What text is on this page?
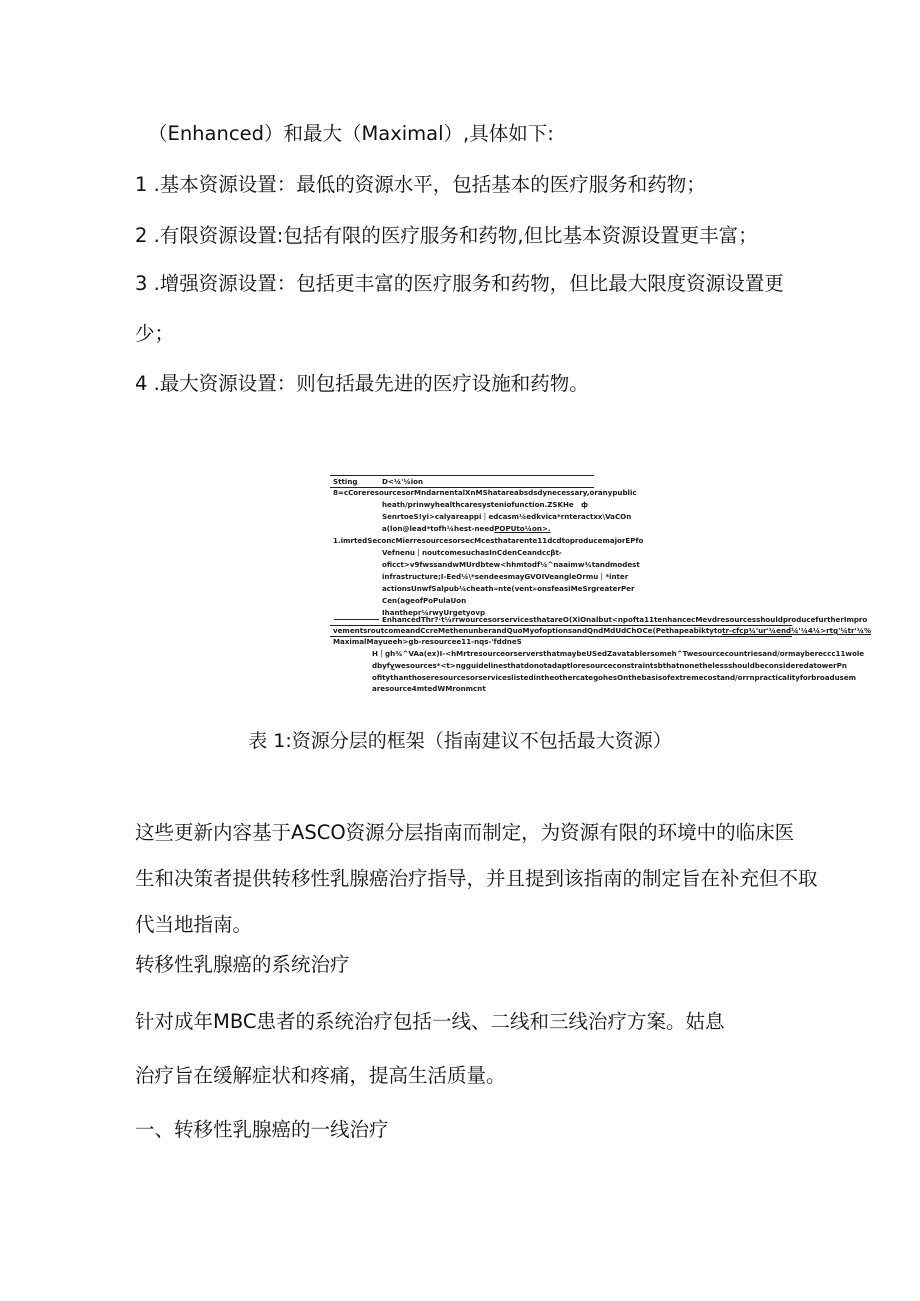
（Enhanced）和最大（Maximal）,具体如下:
1 .基本资源设置：最低的资源水平，包括基本的医疗服务和药物；
2 .有限资源设置:包括有限的医疗服务和药物,但比基本资源设置更丰富；
3 .增强资源设置：包括更丰富的医疗服务和药物，但比最大限度资源设置更
少；
4 .最大资源设置：则包括最先进的医疗设施和药物。
Stting	D<¼'¼ion
8=cCoreresourcesorMndarnentalXnMShatareabsdsdynecessary,oranypublic
heath/prinwyhealthcaresysteniofunction.ZSKHe ф
SenrtoeS!yi>calyareappi｜edcasm¼edkvica*rnteractxx\VaCOn
a(lon@lead*tofh¼hest-needPOPUto¼on>.
1.imrtedSeconcMierresourcesorsecMcesthatarente11dcdtoproducemajorEPfo
Vefnenu｜noutcomesuchasInCdenCeandccβt-
oficct>v9fwssandwMUrdbtew<hhmtodf¼^naaimw¾tandmodest
infrastructure;I-Eed¼\*sendeesmayGVOIVeangleOrmu｜*inter
actionsUnwfSalpub¼cheath»nte(vent»onsfeasiMeSrgreaterPer
Cen(ageofPoPulaUon
Ihanthepr¼rwyUrgetyovp
EnhancedThr?·t¼rrwourcesorservicesthatareO(XiOnalbut<npofta11tenhancecMevdresourcesshouldproducefurtherImpro
vementsroutcomeandCcreMethenunberandQuoMyofoptionsandQndMdUdChOCe(Pethapeabiktytotr-cfcp¾'ur'¼end¼'¼4¼>rtg'¼tr'¼%
MaximalMayueeh>gb-resourcee11-nqs-'fddneS
H｜gh¾^VAa(ex)I-<hMrtresourceorserversthatmaybeUSedZavatablersomeh^Twesourcecountriesand/ormaybereccc11wole
dbyfywesources*<t>ngguidelinesthatdonotadaptloresourceconstraintsbthatnonethelessshouldbeconsideredatowerPn
ofitythanthoseresourcesorserviceslistedintheothercategohesOnthebasisofextremecostand/orrnpracticalityforbroadusem
aresource4mtedWMronmcnt
表 1:资源分层的框架（指南建议不包括最大资源）
这些更新内容基于ASCO资源分层指南而制定，为资源有限的环境中的临床医
生和决策者提供转移性乳腺癌治疗指导，并且提到该指南的制定旨在补充但不取
代当地指南。
转移性乳腺癌的系统治疗
针对成年MBC患者的系统治疗包括一线、二线和三线治疗方案。姑息
治疗旨在缓解症状和疼痛，提高生活质量。
一、转移性乳腺癌的一线治疗
